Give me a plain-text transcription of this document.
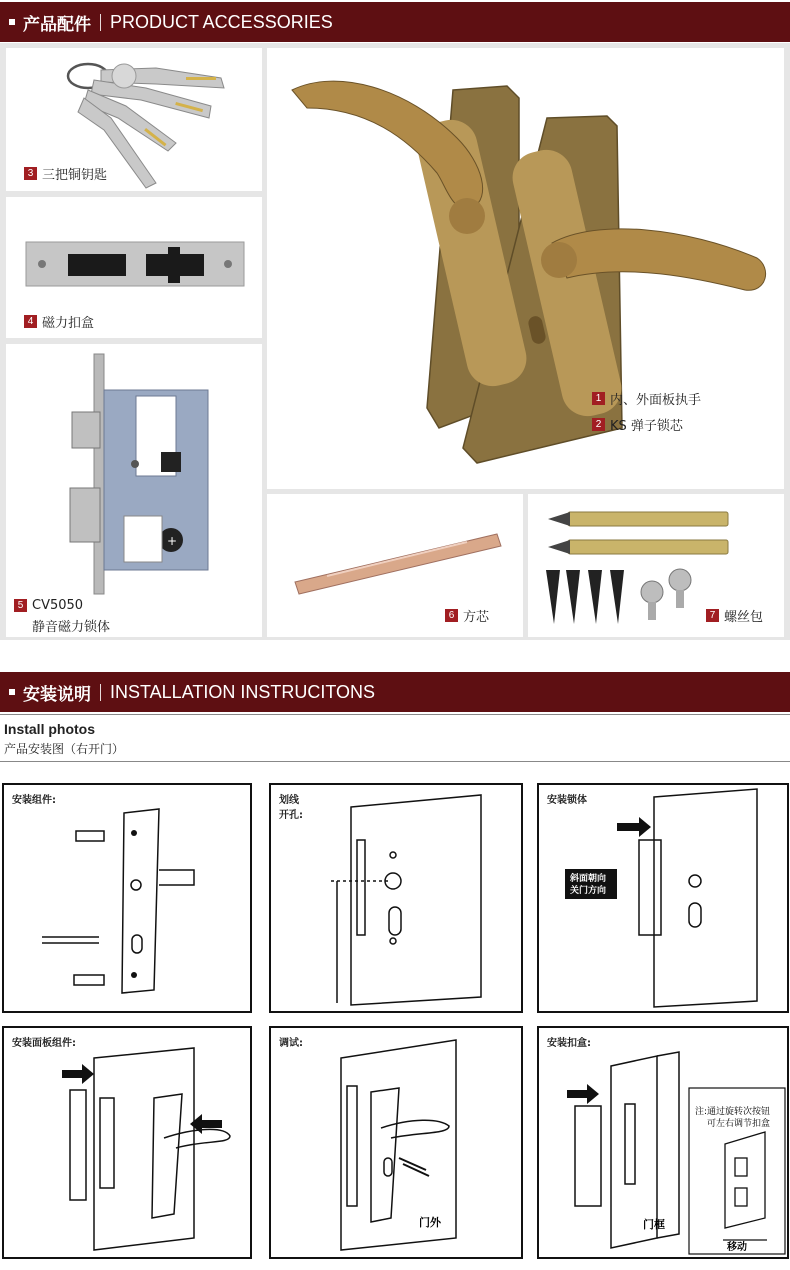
产品配件 PRODUCT ACCESSORIES
3 三把铜钥匙
4 磁力扣盒
+
5 CV5050
静音磁力锁体
1 内、外面板执手
2 KS 弹子锁芯
6 方芯	7 螺丝包
安装说明 INSTALLATION INSTRUCITONS
Install photos
产品安装图（右开门）
安装组件:	划线
开孔:
安装锁体
斜面朝向
关门方向
安装面板组件:	调试:
门外
安装扣盒:
注:通过旋转次按钮
可左右调节扣盒
门框
移动
